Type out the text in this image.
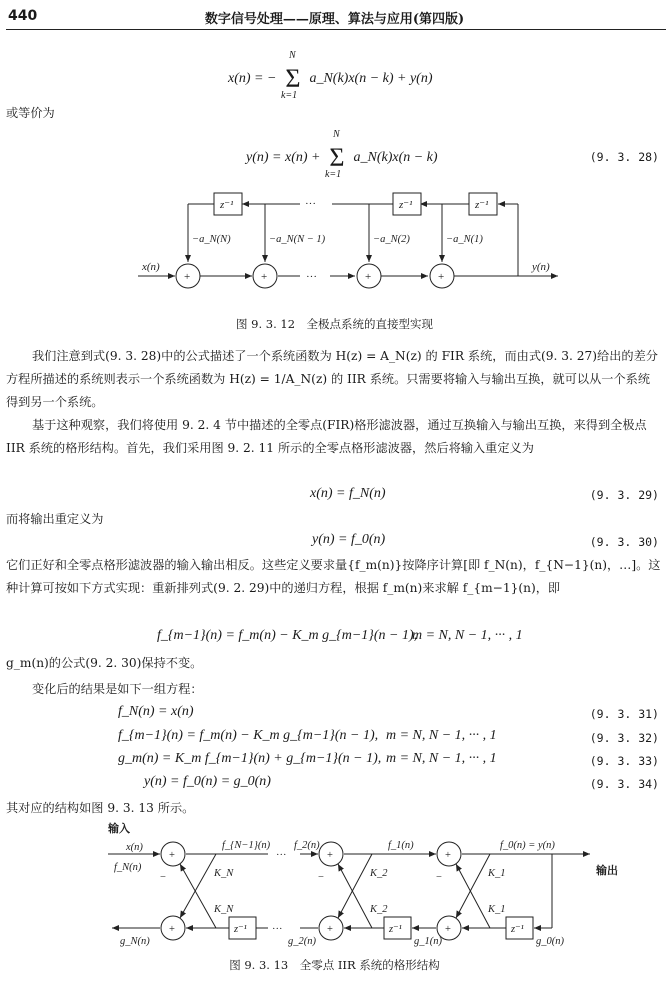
440	数字信号处理——原理、算法与应用(第四版)
x(n) = −
N
Σ
k=1
a_N(k)x(n − k) + y(n)
或等价为
y(n) = x(n) +
N
Σ
k=1
a_N(k)x(n − k)	(9. 3. 28)
z⁻¹	z⁻¹	z⁻¹
···
···
x(n)	y(n)
−a_N(N)	−a_N(N − 1)	−a_N(2)	−a_N(1)
+	+	+	+
图 9. 3. 12　全极点系统的直接型实现
我们注意到式(9. 3. 28)中的公式描述了一个系统函数为 H(z) = A_N(z) 的 FIR 系统，而由式(9. 3. 27)给出的差分方程所描述的系统则表示一个系统函数为 H(z) = 1/A_N(z) 的 IIR 系统。只需要将输入与输出互换，就可以从一个系统得到另一个系统。
基于这种观察，我们将使用 9. 2. 4 节中描述的全零点(FIR)格形滤波器，通过互换输入与输出互换，来得到全极点 IIR 系统的格形结构。首先，我们采用图 9. 2. 11 所示的全零点格形滤波器，然后将输入重定义为
x(n) = f_N(n)	(9. 3. 29)
而将输出重定义为
y(n) = f_0(n)	(9. 3. 30)
它们正好和全零点格形滤波器的输入输出相反。这些定义要求量{f_m(n)}按降序计算[即 f_N(n)，f_{N−1}(n)，…]。这种计算可按如下方式实现：重新排列式(9. 2. 29)中的递归方程，根据 f_m(n)来求解 f_{m−1}(n)，即
f_{m−1}(n) = f_m(n) − K_m g_{m−1}(n − 1),
m = N, N − 1, ··· , 1
g_m(n)的公式(9. 2. 30)保持不变。
变化后的结果是如下一组方程：
f_N(n) = x(n)	(9. 3. 31)
f_{m−1}(n) = f_m(n) − K_m g_{m−1}(n − 1), m = N, N − 1, ··· , 1	(9. 3. 32)
g_m(n) = K_m f_{m−1}(n) + g_{m−1}(n − 1), m = N, N − 1, ··· , 1	(9. 3. 33)
y(n) = f_0(n) = g_0(n)	(9. 3. 34)
其对应的结构如图 9. 3. 13 所示。
输入
输出
x(n)
f_N(n)
g_N(n)
f_{N−1}(n) f_2(n)	f_1(n)	f_0(n) = y(n)
g_2(n)	g_1(n)	g_0(n)
K_N
K_N
K_2
K_2
K_1
K_1
−	−	−
+
+
+
+
+
+
···
···
z⁻¹	z⁻¹	z⁻¹
图 9. 3. 13　全零点 IIR 系统的格形结构
